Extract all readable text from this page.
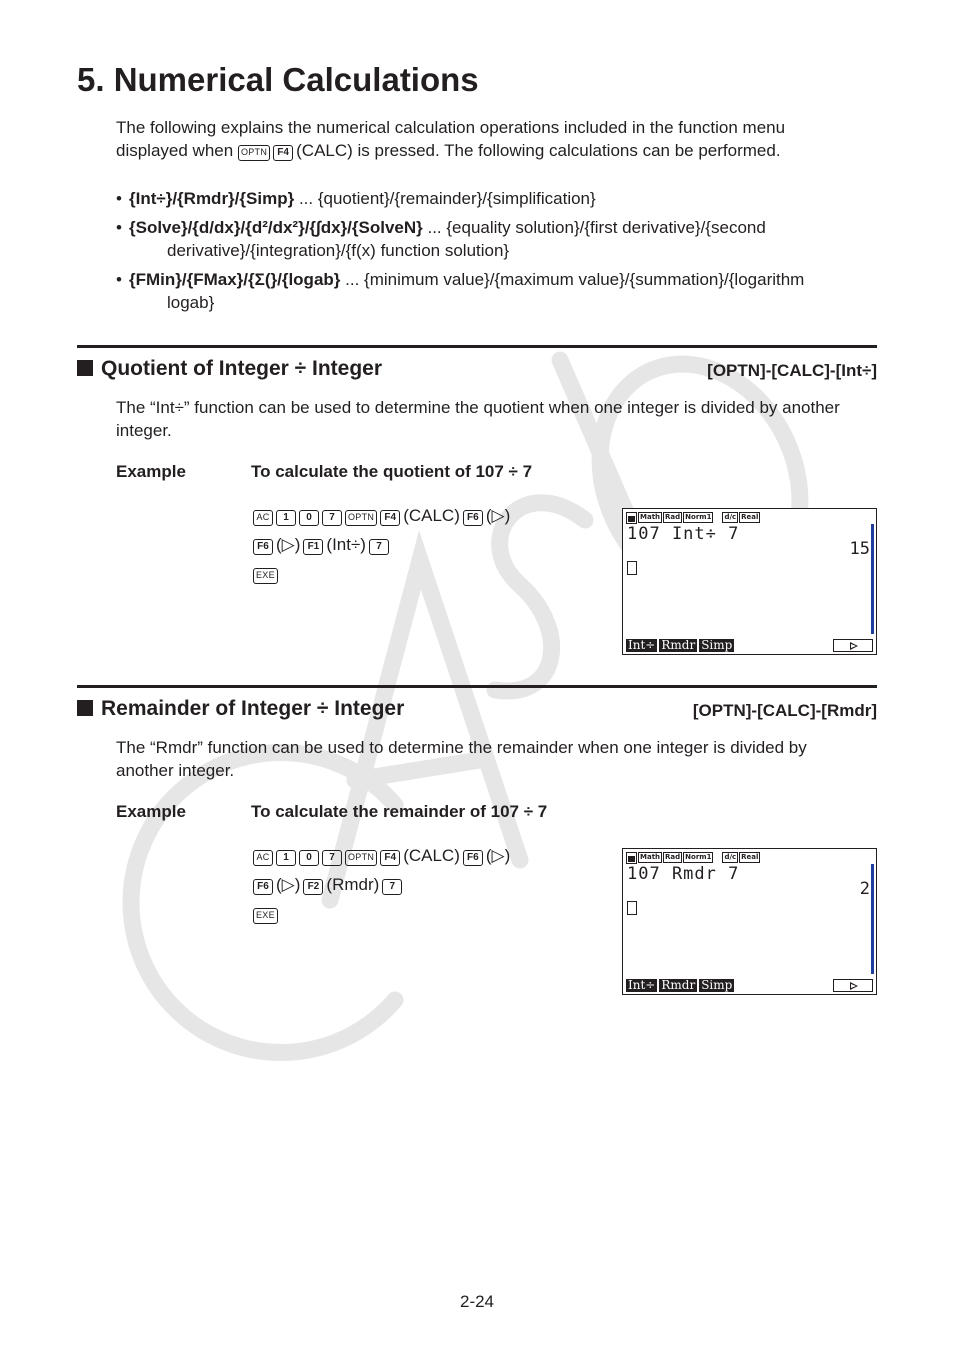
5. Numerical Calculations
The following explains the numerical calculation operations included in the function menu
displayed when OPTN F4 (CALC) is pressed. The following calculations can be performed.
• {Int÷}/{Rmdr}/{Simp} ... {quotient}/{remainder}/{simplification}
• {Solve}/{d/dx}/{d²/dx²}/{∫dx}/{SolveN} ... {equality solution}/{first derivative}/{second
derivative}/{integration}/{f(x) function solution}
• {FMin}/{FMax}/{Σ(}/{logab} ... {minimum value}/{maximum value}/{summation}/{logarithm
logab}
Quotient of Integer ÷ Integer	[OPTN]-[CALC]-[Int÷]
The “Int÷” function can be used to determine the quotient when one integer is divided by another integer.
Example	To calculate the quotient of 107 ÷ 7
AC 1 0 7 OPTN F4 (CALC) F6 (▷)
F6 (▷) F1 (Int÷) 7
EXE
Math Rad Norm1 d/c Real
107 Int÷ 7
15
Int÷ Rmdr Simp
Remainder of Integer ÷ Integer	[OPTN]-[CALC]-[Rmdr]
The “Rmdr” function can be used to determine the remainder when one integer is divided by another integer.
Example	To calculate the remainder of 107 ÷ 7
AC 1 0 7 OPTN F4 (CALC) F6 (▷)
F6 (▷) F2 (Rmdr) 7
EXE
Math Rad Norm1 d/c Real
107 Rmdr 7
2
Int÷ Rmdr Simp
2-24
